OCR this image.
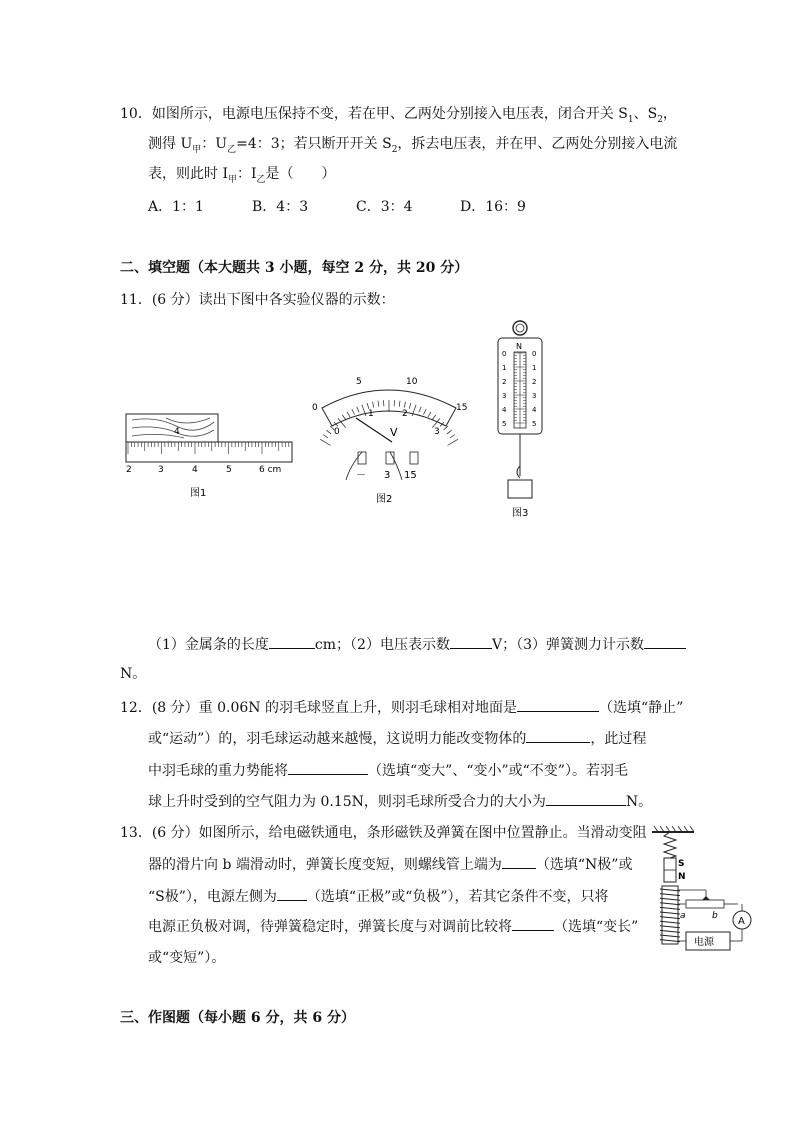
10．如图所示，电源电压保持不变，若在甲、乙两处分别接入电压表，闭合开关 $S_1$、$S_2$，
测得 $U_甲$：$U_乙=4$：3；若只断开开关 $S_2$，拆去电压表，并在甲、乙两处分别接入电流
表，则此时 $I_甲$：$I_乙$是（　　）
A．1：1	B．4：3	C．3：4	D．16：9
二、填空题（本大题共 3 小题，每空 2 分，共 20 分）
11．(6 分）读出下图中各实验仪器的示数：
4
2	3	4	5	6 cm
图1
0
5	10
15
0
1	2
3
V
－ 3 15
图2
N
0
1
2
3
4
5
0
1
2
3
4
5
图3
（1）金属条的长度	cm；（2）电压表示数	V；（3）弹簧测力计示数
N。
12．(8 分）重 0.06N 的羽毛球竖直上升，则羽毛球相对地面是	（选填“静止”
或“运动”）的，羽毛球运动越来越慢，这说明力能改变物体的	，此过程
中羽毛球的重力势能将	（选填“变大”、“变小”或“不变”）。若羽毛
球上升时受到的空气阻力为 0.15N，则羽毛球所受合力的大小为	N。
13．(6 分）如图所示，给电磁铁通电，条形磁铁及弹簧在图中位置静止。当滑动变阻
器的滑片向 b 端滑动时，弹簧长度变短，则螺线管上端为 （选填“N极”或
“S极”），电源左侧为 （选填“正极”或“负极”），若其它条件不变，只将
电源正负极对调，待弹簧稳定时，弹簧长度与对调前比较将	（选填“变长”
或“变短”）。
S
N
a	b A
电源
三、作图题（每小题 6 分，共 6 分）
